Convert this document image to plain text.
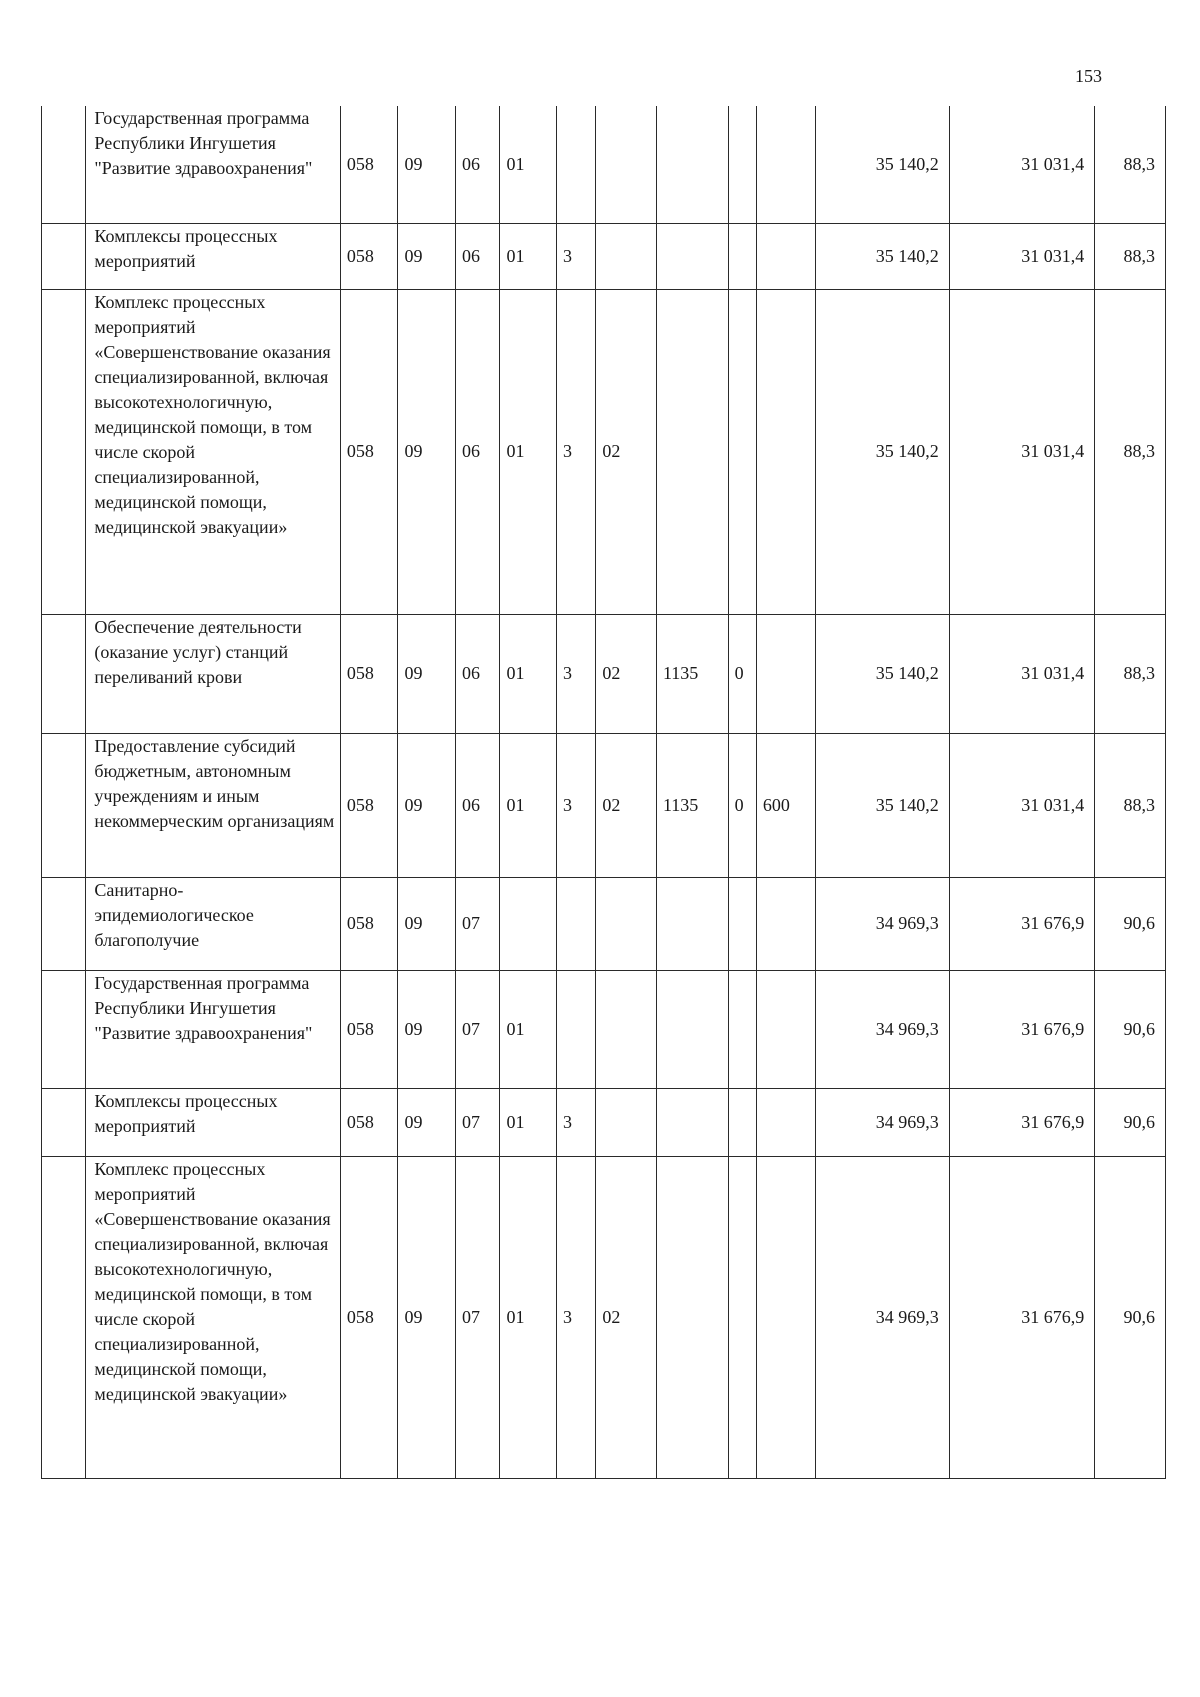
153
	Государственная программа Республики Ингушетия "Развитие здравоохранения"	058	09	06	01						35 140,2	31 031,4	88,3
	Комплексы процессных мероприятий	058	09	06	01	3					35 140,2	31 031,4	88,3
	Комплекс процессных мероприятий «Совершенствование оказания специализированной, включая высокотехнологичную, медицинской помощи, в том числе скорой специализированной, медицинской помощи, медицинской эвакуации»	058	09	06	01	3	02				35 140,2	31 031,4	88,3
	Обеспечение деятельности (оказание услуг) станций переливаний крови	058	09	06	01	3	02	1135	0		35 140,2	31 031,4	88,3
	Предоставление субсидий бюджетным, автономным учреждениям и иным некоммерческим организациям	058	09	06	01	3	02	1135	0	600	35 140,2	31 031,4	88,3
	Санитарно-эпидемиологическое благополучие	058	09	07							34 969,3	31 676,9	90,6
	Государственная программа Республики Ингушетия "Развитие здравоохранения"	058	09	07	01						34 969,3	31 676,9	90,6
	Комплексы процессных мероприятий	058	09	07	01	3					34 969,3	31 676,9	90,6
	Комплекс процессных мероприятий «Совершенствование оказания специализированной, включая высокотехнологичную, медицинской помощи, в том числе скорой специализированной, медицинской помощи, медицинской эвакуации»	058	09	07	01	3	02				34 969,3	31 676,9	90,6
